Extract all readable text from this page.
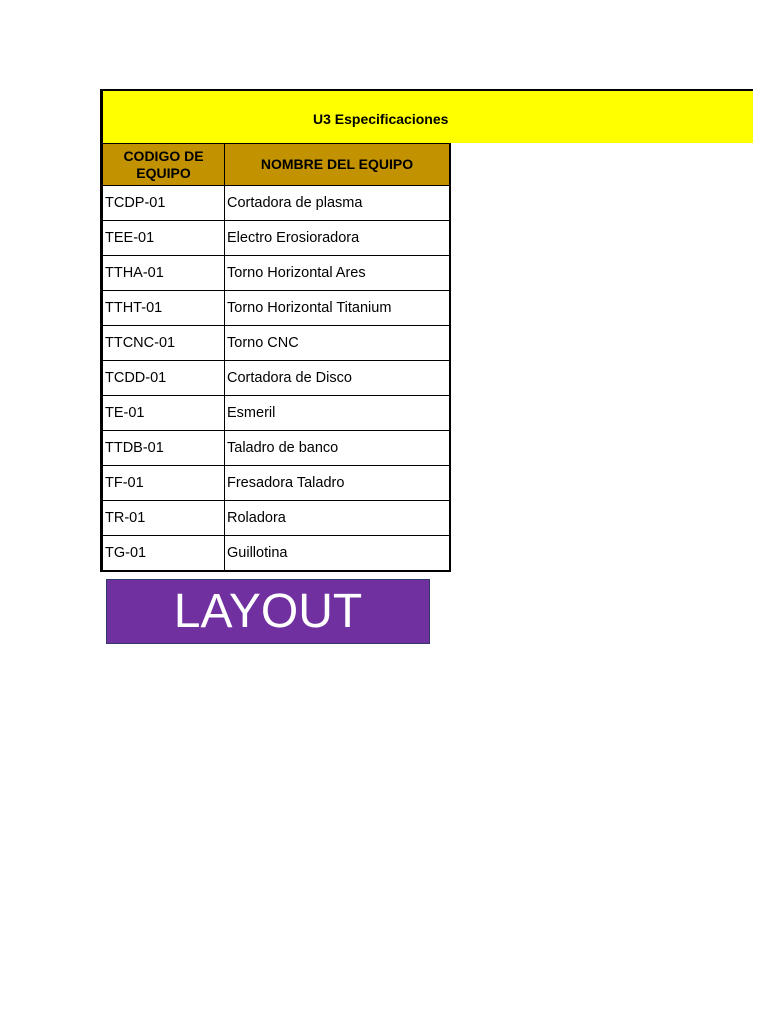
U3 Especificaciones
CODIGO DE EQUIPO	NOMBRE DEL EQUIPO
TCDP-01	Cortadora de plasma
TEE-01	Electro Erosioradora
TTHA-01	Torno Horizontal Ares
TTHT-01	Torno Horizontal Titanium
TTCNC-01	Torno CNC
TCDD-01	Cortadora de Disco
TE-01	Esmeril
TTDB-01	Taladro de banco
TF-01	Fresadora Taladro
TR-01	Roladora
TG-01	Guillotina
LAYOUT
